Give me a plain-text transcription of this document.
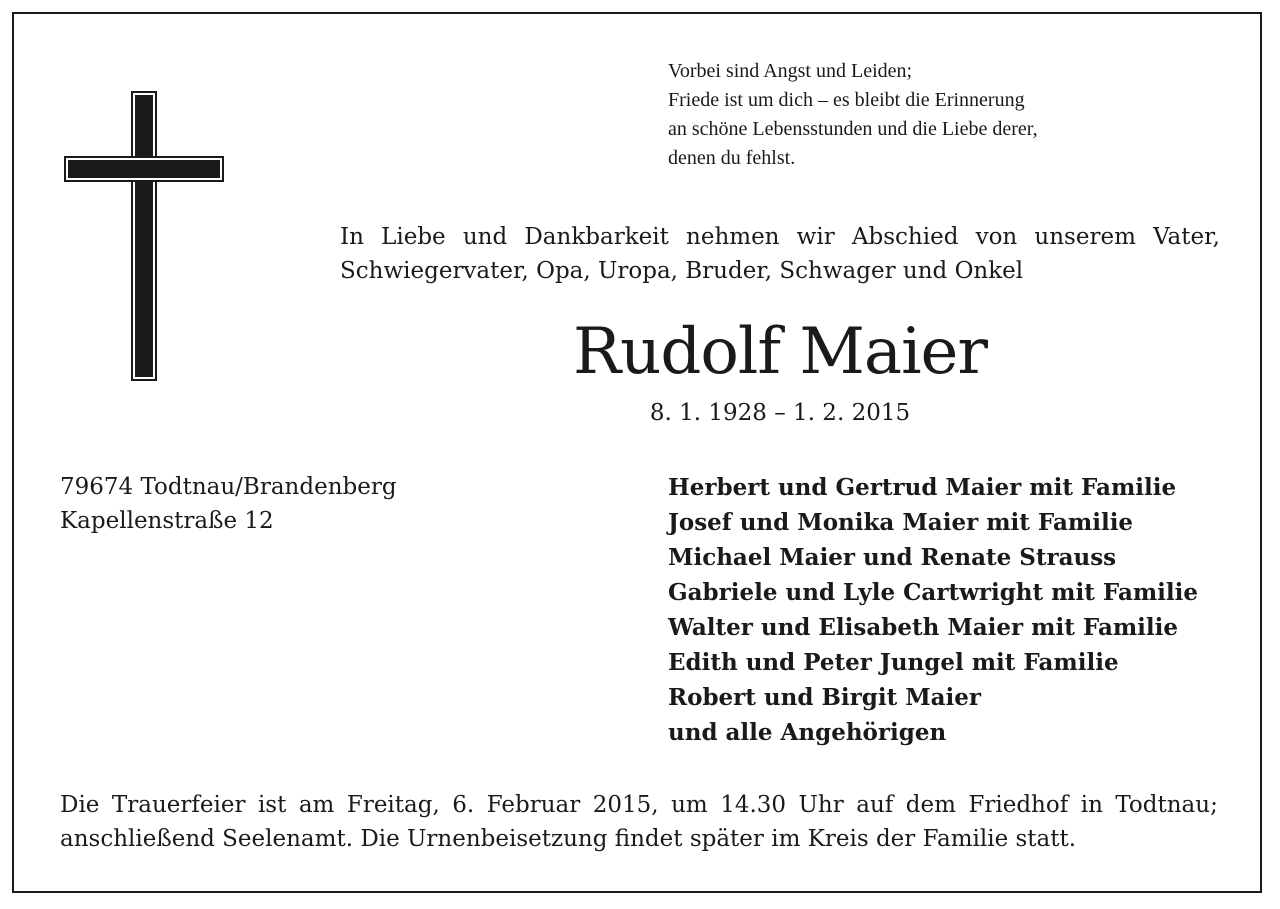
Vorbei sind Angst und Leiden;
Friede ist um dich – es bleibt die Erinnerung
an schöne Lebensstunden und die Liebe derer,
denen du fehlst.
In Liebe und Dankbarkeit nehmen wir Abschied von unserem Vater,
Schwiegervater, Opa, Uropa, Bruder, Schwager und Onkel
Rudolf Maier
8. 1. 1928 – 1. 2. 2015
79674 Todtnau/Brandenberg
Kapellenstraße 12
Herbert und Gertrud Maier mit Familie
Josef und Monika Maier mit Familie
Michael Maier und Renate Strauss
Gabriele und Lyle Cartwright mit Familie
Walter und Elisabeth Maier mit Familie
Edith und Peter Jungel mit Familie
Robert und Birgit Maier
und alle Angehörigen
Die Trauerfeier ist am Freitag, 6. Februar 2015, um 14.30 Uhr auf dem Friedhof in Todtnau;
anschließend Seelenamt. Die Urnenbeisetzung findet später im Kreis der Familie statt.
